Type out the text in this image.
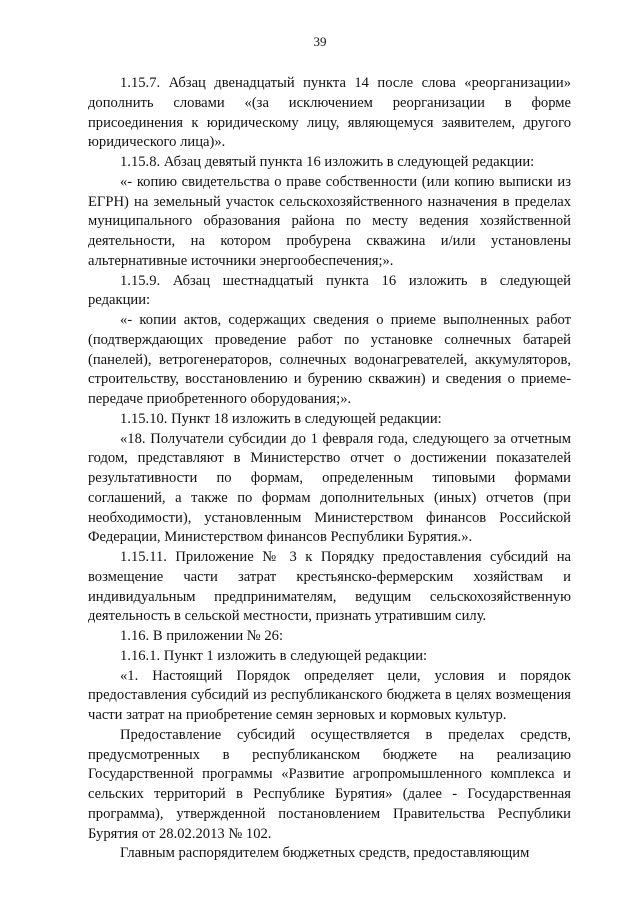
39

1.15.7. Абзац двенадцатый пункта 14 после слова «реорганизации» дополнить словами «(за исключением реорганизации в форме присоединения к юридическому лицу, являющемуся заявителем, другого юридического лица)».

1.15.8. Абзац девятый пункта 16 изложить в следующей редакции:

«- копию свидетельства о праве собственности (или копию выписки из ЕГРН) на земельный участок сельскохозяйственного назначения в пределах муниципального образования района по месту ведения хозяйственной деятельности, на котором пробурена скважина и/или установлены альтернативные источники энергообеспечения;».

1.15.9. Абзац шестнадцатый пункта 16 изложить в следующей редакции:

«- копии актов, содержащих сведения о приеме выполненных работ (подтверждающих проведение работ по установке солнечных батарей (панелей), ветрогенераторов, солнечных водонагревателей, аккумуляторов, строительству, восстановлению и бурению скважин) и сведения о приеме-передаче приобретенного оборудования;».

1.15.10. Пункт 18 изложить в следующей редакции:

«18. Получатели субсидии до 1 февраля года, следующего за отчетным годом, представляют в Министерство отчет о достижении показателей результативности по формам, определенным типовыми формами соглашений, а также по формам дополнительных (иных) отчетов (при необходимости), установленным Министерством финансов Российской Федерации, Министерством финансов Республики Бурятия.».

1.15.11. Приложение № 3 к Порядку предоставления субсидий на возмещение части затрат крестьянско-фермерским хозяйствам и индивидуальным предпринимателям, ведущим сельскохозяйственную деятельность в сельской местности, признать утратившим силу.

1.16. В приложении № 26:

1.16.1. Пункт 1 изложить в следующей редакции:

«1. Настоящий Порядок определяет цели, условия и порядок предоставления субсидий из республиканского бюджета в целях возмещения части затрат на приобретение семян зерновых и кормовых культур.

Предоставление субсидий осуществляется в пределах средств, предусмотренных в республиканском бюджете на реализацию Государственной программы «Развитие агропромышленного комплекса и сельских территорий в Республике Бурятия» (далее - Государственная программа), утвержденной постановлением Правительства Республики Бурятия от 28.02.2013 № 102.

Главным распорядителем бюджетных средств, предоставляющим
